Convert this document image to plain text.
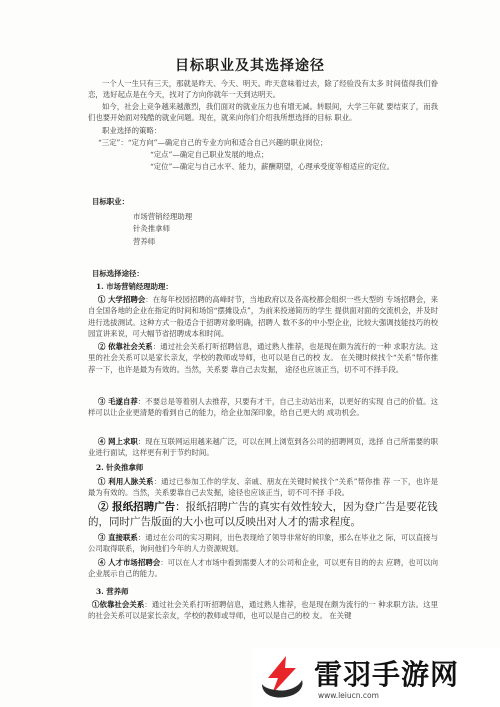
目标职业及其选择途径

一个人一生只有三天，那就是昨天、今天、明天。昨天意味着过去，除了经验没有太多 时间值得我们眷恋，选好起点是在今天，找对了方向你就年一天到达明天。

如今，社会上竞争越来越激烈，我们面对的就业压力也有增无减。转眼间，大学三年就 要结束了，而我们也要开始面对残酷的就业问题。现在，就来向你们介绍我所想选择的目标 职业。

职业选择的策略：
“三定”：“定方向”—确定自己的专业方向和适合自己兴趣的职业岗位；
“定点”—确定自己职业发展的地点；
“定位”—确定与自己水平、能力，薪酬期望，心理承受度等相适应的定位。
目标职业：
市场营销经理助理
针灸推拿师
营养师
目标选择途径：
1. 市场营销经理助理：

① 大学招聘会：在每年校园招聘的高峰时节，当地政府以及各高校都会组织一些大型的 专场招聘会，来自全国各地的企业在指定的时间和场馆“摆摊设点”，为前来投递简历的学生 提供面对面的交流机会，并及时进行选拔测试。这种方式一般适合于招聘对象明确，招聘人 数不多的中小型企业，比较大强调技能技巧的校园宣讲来说，可大幅节省招聘成本和时间。

② 依靠社会关系：通过社会关系打听招聘信息，通过熟人推荐，也是现在颇为流行的一种 求职方法。这里的社会关系可以是家长亲友，学校的教师或导师，也可以是自己的校 友。 在关键时候找个“关系”帮你推荐一下，也许是最为有效的。当然，关系要 靠自己去发掘， 途径也应该正当，切不可不择手段。

③ 毛遂自荐：不要总是等着别人去推荐，只要有才干，自己主动站出来，以更好的实现 自己的价值。这样可以让企业更清楚的看到自己的能力，给企业加深印象，给自己更大的 成功机会。

④ 网上求职：现在互联网运用越来越广泛，可以在网上浏览到各公司的招聘网页，选择 自己所需要的职业进行面试，这样更有利于节约时间。

2. 针灸推拿师

① 利用人脉关系：通过已参加工作的学友、亲戚、朋友在关键时候找个“关系”帮你推 荐 一下，也许是最为有效的。当然，关系要靠自己去发掘，途径也应该正当，切不可不择 手段。

② 报纸招聘广告：报纸招聘广告的真实有效性较大，因为登广告是要花钱的，同时广告版面的大小也可以反映出对人才的需求程度。

③ 直接联系：通过在公司的实习期间，出色表现给了领导非常好的印象，那么在毕业之 际，可以直接与公司取得联系，询问他们今年的人力资源规划。

④ 人才市场招聘会：可以在人才市场中看到需要人才的公司和企业，可以更有目的的去 应聘，也可以向企业展示自己的能力。

3. 营养师

①依靠社会关系：通过社会关系打听招聘信息，通过熟人推荐，也是现在颇为流行的一 种求职方法。这里的社会关系可以是家长亲友，学校的教师或导师，也可以是自己的校 友。 在关键

雷羽手游网
www.leiucn.com
